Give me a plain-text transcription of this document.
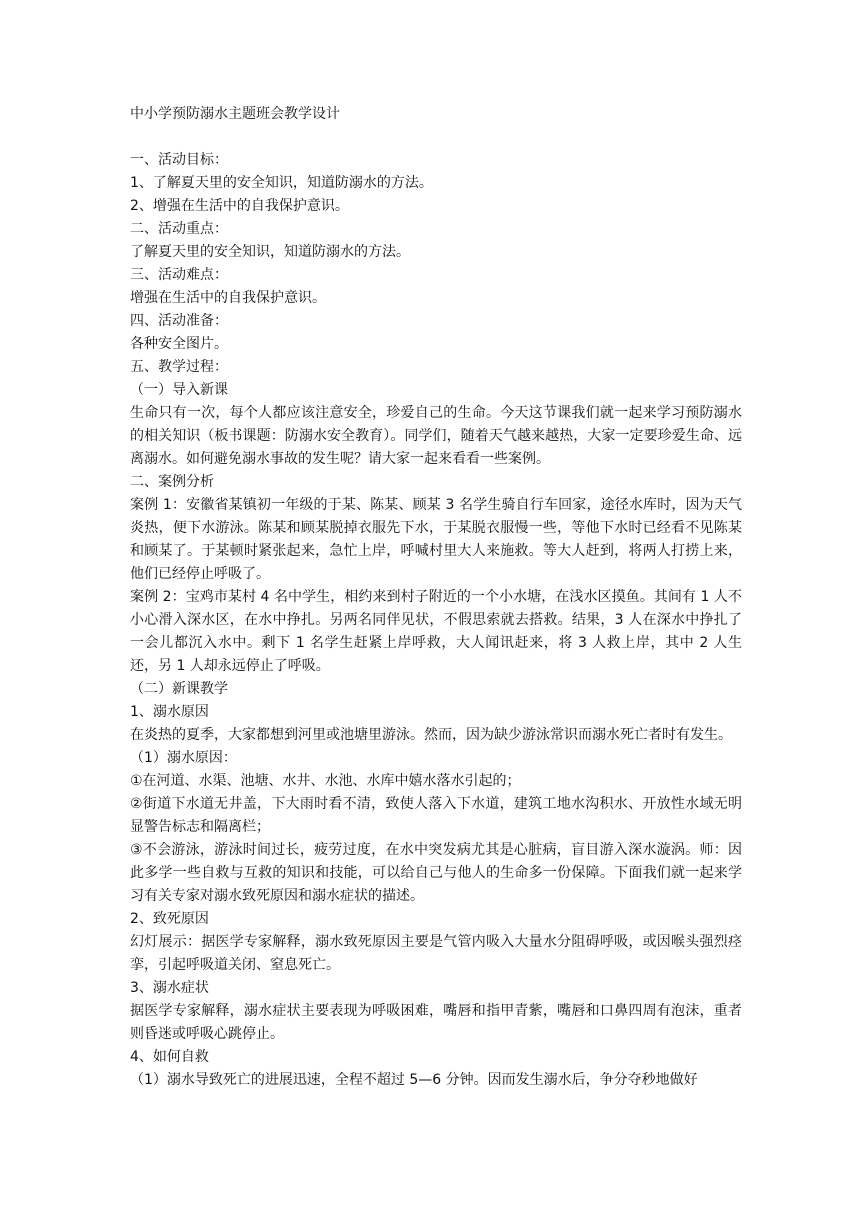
中小学预防溺水主题班会教学设计

一、活动目标：

1、了解夏天里的安全知识，知道防溺水的方法。

2、增强在生活中的自我保护意识。

二、活动重点：

了解夏天里的安全知识，知道防溺水的方法。

三、活动难点：

增强在生活中的自我保护意识。

四、活动准备：

各种安全图片。

五、教学过程：

（一）导入新课

生命只有一次，每个人都应该注意安全，珍爱自己的生命。今天这节课我们就一起来学习预防溺水的相关知识（板书课题：防溺水安全教育）。同学们，随着天气越来越热，大家一定要珍爱生命、远离溺水。如何避免溺水事故的发生呢？请大家一起来看看一些案例。

二、案例分析

案例 1：安徽省某镇初一年级的于某、陈某、顾某 3 名学生骑自行车回家，途径水库时，因为天气炎热，便下水游泳。陈某和顾某脱掉衣服先下水，于某脱衣服慢一些，等他下水时已经看不见陈某和顾某了。于某顿时紧张起来，急忙上岸，呼喊村里大人来施救。等大人赶到，将两人打捞上来，他们已经停止呼吸了。

案例 2：宝鸡市某村 4 名中学生，相约来到村子附近的一个小水塘，在浅水区摸鱼。其间有 1 人不小心滑入深水区，在水中挣扎。另两名同伴见状，不假思索就去搭救。结果，3 人在深水中挣扎了一会儿都沉入水中。剩下 1 名学生赶紧上岸呼救，大人闻讯赶来，将 3 人救上岸，其中 2 人生还，另 1 人却永远停止了呼吸。

（二）新课教学

1、溺水原因

在炎热的夏季，大家都想到河里或池塘里游泳。然而，因为缺少游泳常识而溺水死亡者时有发生。

（1）溺水原因：

①在河道、水渠、池塘、水井、水池、水库中嬉水落水引起的；

②街道下水道无井盖，下大雨时看不清，致使人落入下水道，建筑工地水沟积水、开放性水域无明显警告标志和隔离栏；

③不会游泳，游泳时间过长，疲劳过度，在水中突发病尤其是心脏病，盲目游入深水漩涡。师：因此多学一些自救与互救的知识和技能，可以给自己与他人的生命多一份保障。下面我们就一起来学习有关专家对溺水致死原因和溺水症状的描述。

2、致死原因

幻灯展示：据医学专家解释，溺水致死原因主要是气管内吸入大量水分阻碍呼吸，或因喉头强烈痉挛，引起呼吸道关闭、窒息死亡。

3、溺水症状

据医学专家解释，溺水症状主要表现为呼吸困难，嘴唇和指甲青紫，嘴唇和口鼻四周有泡沫，重者则昏迷或呼吸心跳停止。

4、如何自救

（1）溺水导致死亡的进展迅速，全程不超过 5—6 分钟。因而发生溺水后，争分夺秒地做好
